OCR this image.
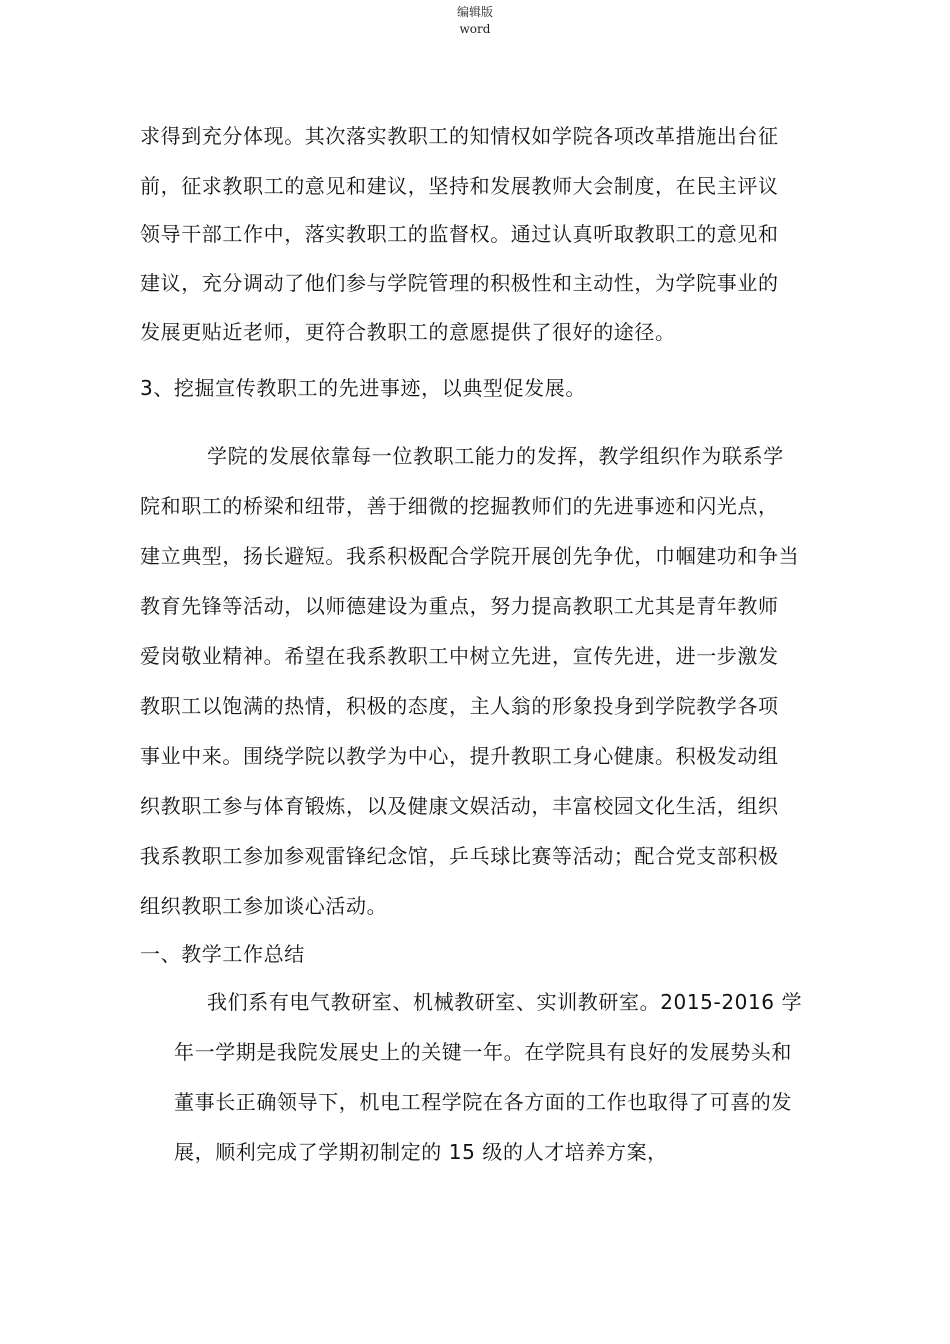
编辑版
word
求得到充分体现。其次落实教职工的知情权如学院各项改革措施出台征
前，征求教职工的意见和建议，坚持和发展教师大会制度，在民主评议
领导干部工作中，落实教职工的监督权。通过认真听取教职工的意见和
建议，充分调动了他们参与学院管理的积极性和主动性，为学院事业的
发展更贴近老师，更符合教职工的意愿提供了很好的途径。
3、挖掘宣传教职工的先进事迹，以典型促发展。
学院的发展依靠每一位教职工能力的发挥，教学组织作为联系学
院和职工的桥梁和纽带，善于细微的挖掘教师们的先进事迹和闪光点，
建立典型，扬长避短。我系积极配合学院开展创先争优，巾帼建功和争当
教育先锋等活动，以师德建设为重点，努力提高教职工尤其是青年教师
爱岗敬业精神。希望在我系教职工中树立先进，宣传先进，进一步激发
教职工以饱满的热情，积极的态度，主人翁的形象投身到学院教学各项
事业中来。围绕学院以教学为中心，提升教职工身心健康。积极发动组
织教职工参与体育锻炼，以及健康文娱活动，丰富校园文化生活，组织
我系教职工参加参观雷锋纪念馆，乒乓球比赛等活动；配合党支部积极
组织教职工参加谈心活动。
一、教学工作总结
我们系有电气教研室、机械教研室、实训教研室。2015-2016 学
年一学期是我院发展史上的关键一年。在学院具有良好的发展势头和
董事长正确领导下，机电工程学院在各方面的工作也取得了可喜的发
展，顺利完成了学期初制定的 15 级的人才培养方案，
